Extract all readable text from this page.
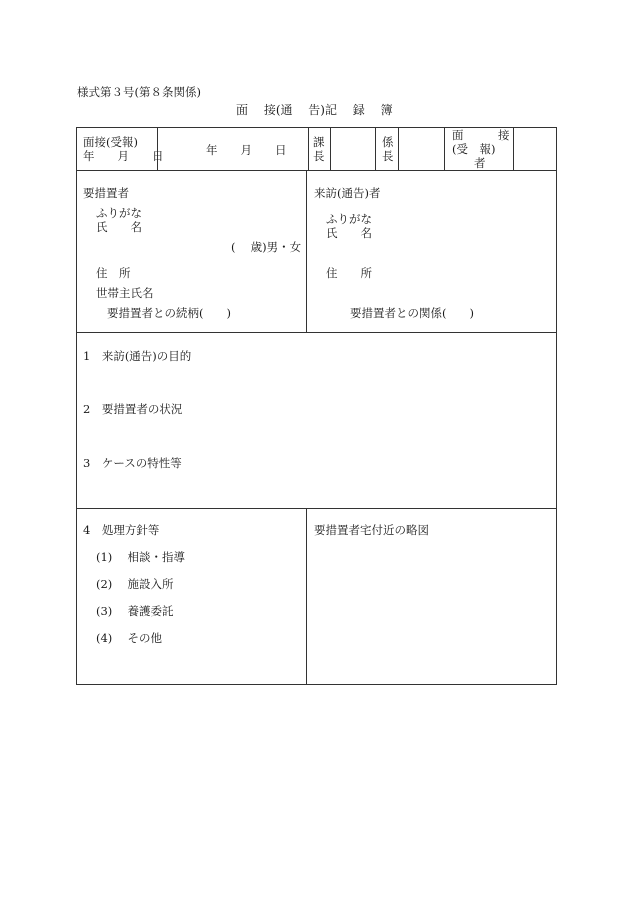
様式第３号(第８条関係)
面　 接(通　 告)記　 録　 簿
面接(受報)
年　　月　　日	年　　月　　日
課
長
係
長
面　　　接
(受　報)
者
要措置者
ふりがな
氏　　名
(　 歳)男・女
住　所
世帯主氏名
要措置者との続柄(　　)
来訪(通告)者
ふりがな
氏　　名
住　　所
要措置者との関係(　　)
1　来訪(通告)の目的
2　要措置者の状況
3　ケースの特性等
4　処理方針等
(1)　 相談・指導
(2)　 施設入所
(3)　 養護委託
(4)　 その他
要措置者宅付近の略図
